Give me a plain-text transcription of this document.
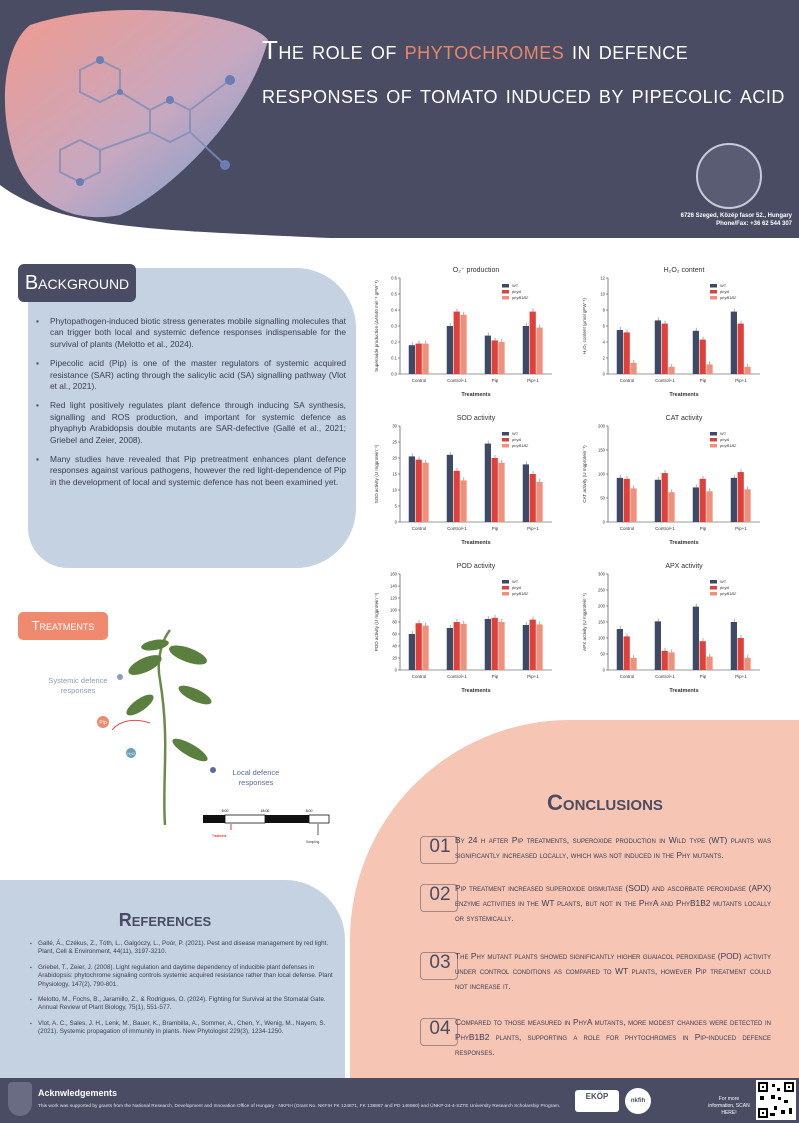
The role of phytochromes in defence
responses of tomato induced by pipecolic acid
6726 Szeged, Közép fasor 52., Hungary
Phone/Fax: +36 62 544 307
Background
▪ Phytopathogen-induced biotic stress generates mobile signalling molecules that can trigger both local and systemic defence responses indispensable for the survival of plants (Melotto et al., 2024).
▪ Pipecolic acid (Pip) is one of the master regulators of systemic acquired resistance (SAR) acting through the salicylic acid (SA) signalling pathway (Vlot et al., 2021).
▪ Red light positively regulates plant defence through inducing SA synthesis, signalling and ROS production, and important for systemic defence as phyaphyb Arabidopsis double mutants are SAR-defective (Gallé et al., 2021; Griebel and Zeier, 2008).
▪ Many studies have revealed that Pip pretreatment enhances plant defence responses against various pathogens, however the red light-dependence of Pip in the development of local and systemic defence has not been examined yet.
Treatments
Systemic defence responses
Pip
H₂O
Local defence responses
6:00	18:00	6:00
Treatment
Sampling
O₂⁻ production
0.0
0.1
0.2
0.3
0.4
0.5
0.6
Superoxide production (ΔA540 min⁻¹ gFW⁻¹)
Treatments
Control	Control+1	Pip	Pip+1
WT
phyA
phyB1B2
H₂O₂ content
0
2
4
6
8
10
12
H₂O₂ content (μmol gFW⁻¹)
Treatments
Control	Control+1	Pip	Pip+1
WT
phyA
phyB1B2
SOD activity
0
5
10
15
20
25
30
SOD activity (U mgprotein⁻¹)
Treatments
Control	Control+1	Pip	Pip+1
WT
phyA
phyB1B2
CAT activity
0
50
100
150
200
CAT activity (U mgprotein⁻¹)
Treatments
Control	Control+1	Pip	Pip+1
WT
phyA
phyB1B2
POD activity
0
20
40
60
80
100
120
140
160
POD activity (U mgprotein⁻¹)
Treatments
Control	Control+1	Pip	Pip+1
WT
phyA
phyB1B2
APX activity
0
50
100
150
200
250
300
APX activity (U mgprotein⁻¹)
Treatments
Control	Control+1	Pip	Pip+1
WT
phyA
phyB1B2
References
▪ Gallé, Á., Czékus, Z., Tóth, L., Galgóczy, L., Poór, P. (2021). Pest and disease management by red light. Plant, Cell & Environment, 44(11), 3197-3210.
▪ Griebel, T., Zeier, J. (2008). Light regulation and daytime dependency of inducible plant defenses in Arabidopsis: phytochrome signaling controls systemic acquired resistance rather than local defense. Plant Physiology, 147(2), 790-801.
▪ Melotto, M., Fochs, B., Jaramillo, Z., & Rodrigues, O. (2024). Fighting for Survival at the Stomatal Gate. Annual Review of Plant Biology, 75(1), 551-577.
▪ Vlot, A. C., Sales, J. H., Lenk, M., Bauer, K., Brambilla, A., Sommer, A., Chen, Y., Wenig, M., Nayem, S. (2021). Systemic propagation of immunity in plants. New Phytologist 229(3), 1234-1250.
Conclusions
01 By 24 h after Pip treatments, superoxide production in Wild type (WT) plants was significantly increased locally, which was not induced in the Phy mutants.
02 Pip treatment increased superoxide dismutase (SOD) and ascorbate peroxidase (APX) enzyme activities in the WT plants, but not in the PhyA and PhyB1B2 mutants locally or systemically.
03 The Phy mutant plants showed significantly higher guaiacol peroxidase (POD) activity under control conditions as compared to WT plants, however Pip treatment could not increase it.
04 Compared to those measured in PhyA mutants, more modest changes were detected in PhyB1B2 plants, supporting a role for phytochromes in Pip-induced defence responses.
Acknwledgements
This work was supported by grants from the National Research, Development and Innovation Office of Hungary - NKFIH (Grant No. NKFIH FK 124871, FK 138867 and PD 146980) and ÚNKP-24-4-SZTE University Research Scholarship Program.
EKÖP	nkfih	For more information, SCAN HERE!
